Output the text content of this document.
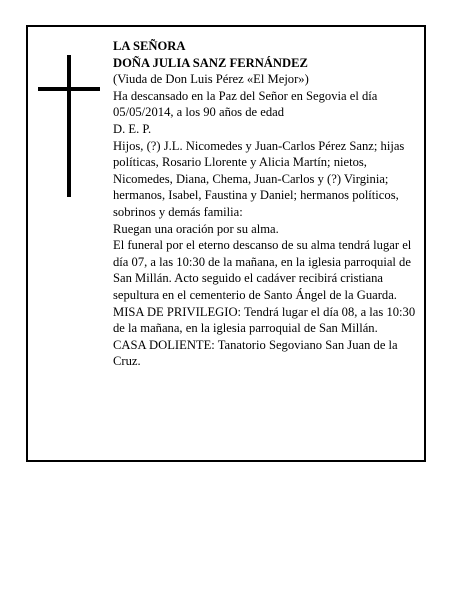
LA SEÑORA

DOÑA JULIA SANZ FERNÁNDEZ

(Viuda de Don Luis Pérez «El Mejor»)

Ha descansado en la Paz del Señor en Segovia el día 05/05/2014, a los 90 años de edad

D. E. P.

Hijos, (?) J.L. Nicomedes y Juan-Carlos Pérez Sanz; hijas políticas, Rosario Llorente y Alicia Martín; nietos, Nicomedes, Diana, Chema, Juan-Carlos y (?) Virginia; hermanos, Isabel, Faustina y Daniel; hermanos políticos, sobrinos y demás familia:

Ruegan una oración por su alma.

El funeral por el eterno descanso de su alma tendrá lugar el día 07, a las 10:30 de la mañana, en la iglesia parroquial de San Millán. Acto seguido el cadáver recibirá cristiana sepultura en el cementerio de Santo Ángel de la Guarda.

MISA DE PRIVILEGIO: Tendrá lugar el día 08, a las 10:30 de la mañana, en la iglesia parroquial de San Millán.

CASA DOLIENTE: Tanatorio Segoviano San Juan de la Cruz.
